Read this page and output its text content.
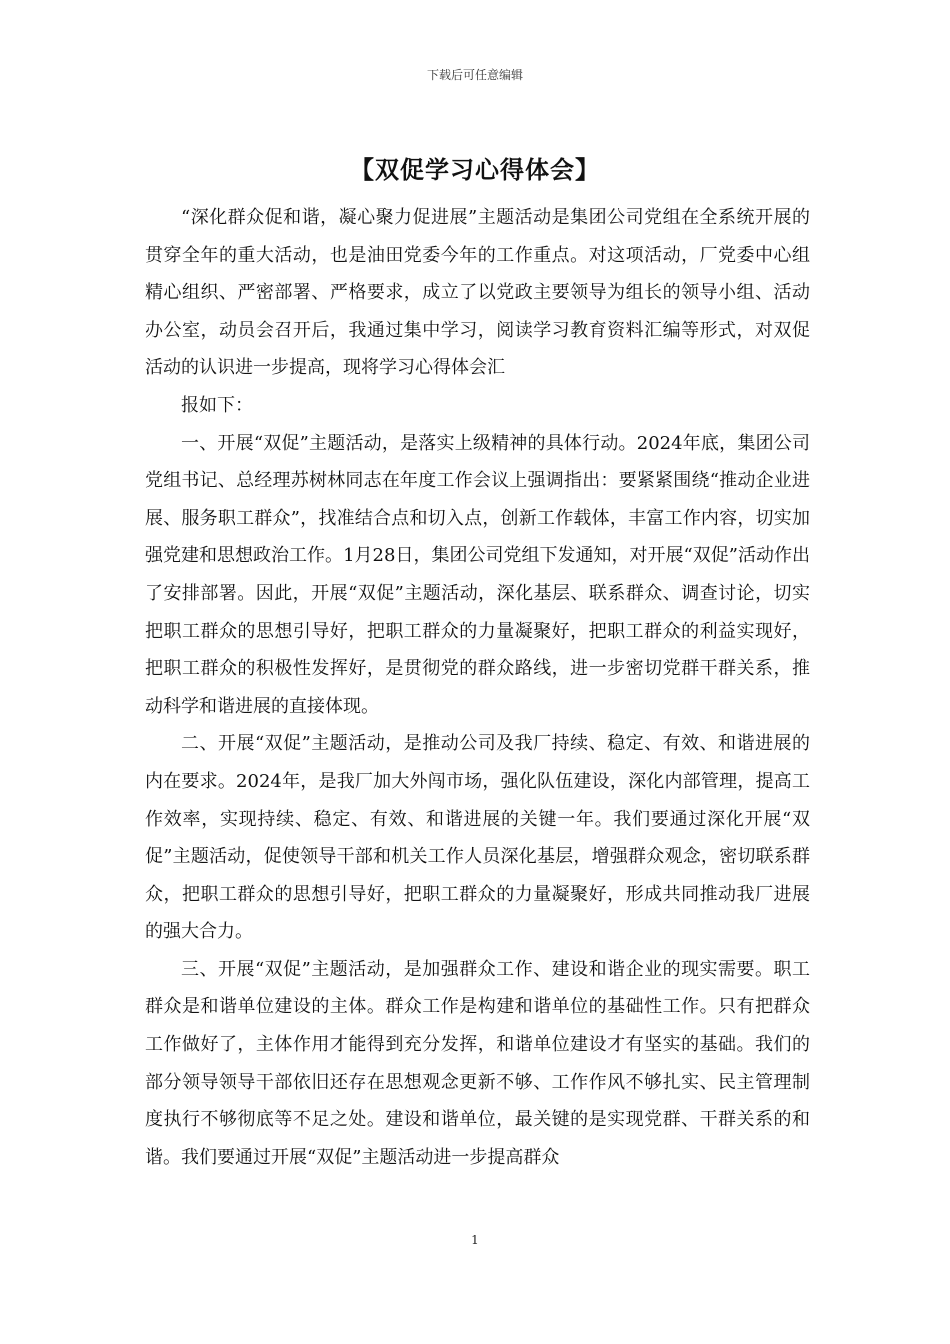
下载后可任意编辑
【双促学习心得体会】

“深化群众促和谐，凝心聚力促进展”主题活动是集团公司党组在全系统开展的贯穿全年的重大活动，也是油田党委今年的工作重点。对这项活动，厂党委中心组精心组织、严密部署、严格要求，成立了以党政主要领导为组长的领导小组、活动办公室，动员会召开后，我通过集中学习，阅读学习教育资料汇编等形式，对双促活动的认识进一步提高，现将学习心得体会汇

报如下：

一、开展“双促”主题活动，是落实上级精神的具体行动。2024年底，集团公司党组书记、总经理苏树林同志在年度工作会议上强调指出：要紧紧围绕“推动企业进展、服务职工群众”，找准结合点和切入点，创新工作载体，丰富工作内容，切实加强党建和思想政治工作。1月28日，集团公司党组下发通知，对开展“双促”活动作出了安排部署。因此，开展“双促”主题活动，深化基层、联系群众、调查讨论，切实把职工群众的思想引导好，把职工群众的力量凝聚好，把职工群众的利益实现好，把职工群众的积极性发挥好，是贯彻党的群众路线，进一步密切党群干群关系，推动科学和谐进展的直接体现。

二、开展“双促”主题活动，是推动公司及我厂持续、稳定、有效、和谐进展的内在要求。2024年，是我厂加大外闯市场，强化队伍建设，深化内部管理，提高工作效率，实现持续、稳定、有效、和谐进展的关键一年。我们要通过深化开展“双促”主题活动，促使领导干部和机关工作人员深化基层，增强群众观念，密切联系群众，把职工群众的思想引导好，把职工群众的力量凝聚好，形成共同推动我厂进展的强大合力。

三、开展“双促”主题活动，是加强群众工作、建设和谐企业的现实需要。职工群众是和谐单位建设的主体。群众工作是构建和谐单位的基础性工作。只有把群众工作做好了，主体作用才能得到充分发挥，和谐单位建设才有坚实的基础。我们的部分领导领导干部依旧还存在思想观念更新不够、工作作风不够扎实、民主管理制度执行不够彻底等不足之处。建设和谐单位，最关键的是实现党群、干群关系的和谐。我们要通过开展“双促”主题活动进一步提高群众

1
